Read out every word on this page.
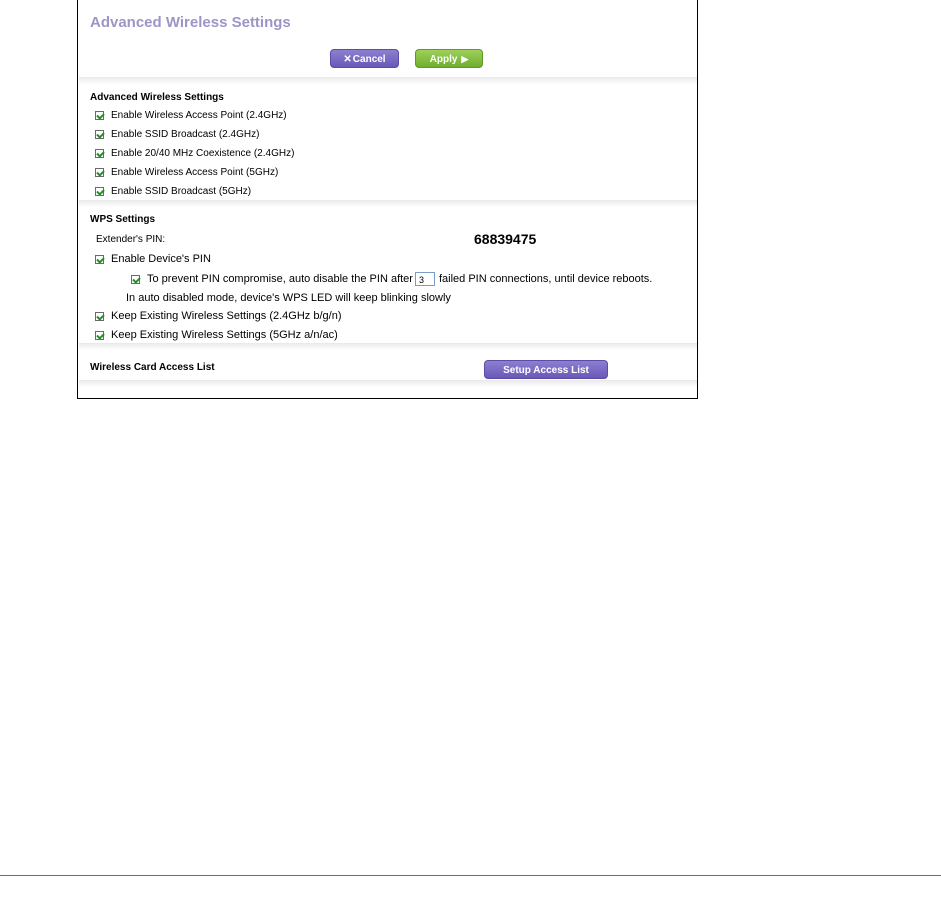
Advanced Wireless Settings
✕Cancel	Apply ▶
Advanced Wireless Settings
Enable Wireless Access Point (2.4GHz)
Enable SSID Broadcast (2.4GHz)
Enable 20/40 MHz Coexistence (2.4GHz)
Enable Wireless Access Point (5GHz)
Enable SSID Broadcast (5GHz)
WPS Settings
Extender's PIN:	68839475
Enable Device's PIN
To prevent PIN compromise, auto disable the PIN after 3	failed PIN connections, until device reboots.
In auto disabled mode, device's WPS LED will keep blinking slowly
Keep Existing Wireless Settings (2.4GHz b/g/n)
Keep Existing Wireless Settings (5GHz a/n/ac)
Wireless Card Access List	Setup Access List
